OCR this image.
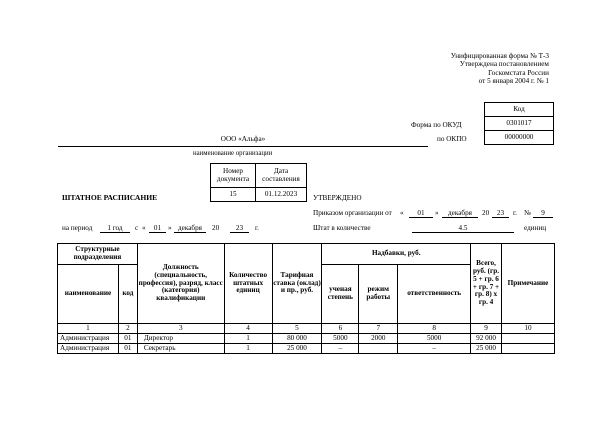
Унифицированная форма № Т-3
Утверждена постановлением
Госкомстата России
от 5 января 2004 г. № 1
Код
0301017
00000000
Форма по ОКУД
по ОКПО
ООО «Альфа»
наименование организации
Номер документа	Дата составления
15	01.12.2023
ШТАТНОЕ РАСПИСАНИЕ	УТВЕРЖДЕНО
Приказом организации от «	01	»	декабря	20	23	г. №	9
на период	1 год	с «	01 » декабря	20	23	г.	Штат в количестве	4.5	единиц
Структурные подразделения		Должность (специальность, профессия), разряд, класс (категория) квалификации	Количество штатных единиц	Тарифная ставка (оклад) и пр., руб.	Надбавки, руб.			Всего, руб. (гр. 5 + гр. 6 + гр. 7 + гр. 8) х гр. 4	Примечание
наименование	код				ученая степень	режим работы	ответственность		
1	2	3	4	5	6	7	8	9	10
Администрация	01	Директор	1	80 000	5000	2000	5000	92 000	
Администрация	01	Секретарь	1	25 000	–		–	25 000	
